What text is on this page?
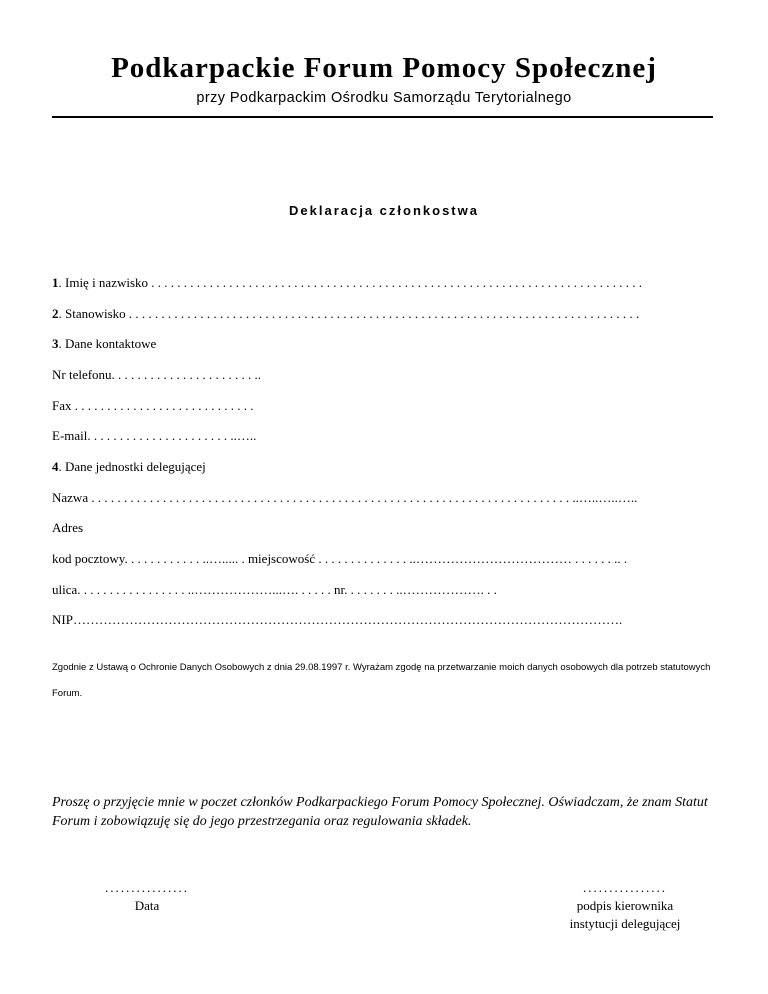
Podkarpackie Forum Pomocy Społecznej
przy Podkarpackim Ośrodku Samorządu Terytorialnego
Deklaracja członkostwa
1. Imię i nazwisko . . . . . . . . . . . . . . . . . . . . . . . . . . . . . . . . . . . . . . . . . . . . . . . . . . . . . . . . . . . . . . . . . . . . . . . . . . . .
2. Stanowisko . . . . . . . . . . . . . . . . . . . . . . . . . . . . . . . . . . . . . . . . . . . . . . . . . . . . . . . . . . . . . . . . . . . . . . . . . . . . . . .
3. Dane kontaktowe
Nr telefonu. . . . . . . . . . . . . . . . . . . . . . ..
Fax . . . . . . . . . . . . . . . . . . . . . . . . . . . .
E-mail. . . . . . . . . . . . . . . . . . . . . . ..…..
4. Dane jednostki delegującej
Nazwa . . . . . . . . . . . . . . . . . . . . . . . . . . . . . . . . . . . . . . . . . . . . . . . . . . . . . . . . . . . . . . . . . . . . . . . . . . ..…..…..…..
Adres
kod pocztowy. . . . . . . . . . . . ..…..... . miejscowość . . . . . . . . . . . . . . ..……………………………… . . . . . . .. .
ulica. . . . . . . . . . . . . . . . . ..………………...…. . . . . . nr. . . . . . . . ..………………. . .
NIP……………………………………………………………………………………………………………….
Zgodnie z Ustawą o Ochronie Danych Osobowych z dnia 29.08.1997 r. Wyrażam zgodę na przetwarzanie moich danych osobowych dla potrzeb statutowych Forum.
Proszę o przyjęcie mnie w poczet członków Podkarpackiego Forum Pomocy Społecznej. Oświadczam, że znam Statut Forum i zobowiązuję się do jego przestrzegania oraz regulowania składek.
................
Data
................
podpis kierownika
instytucji delegującej
